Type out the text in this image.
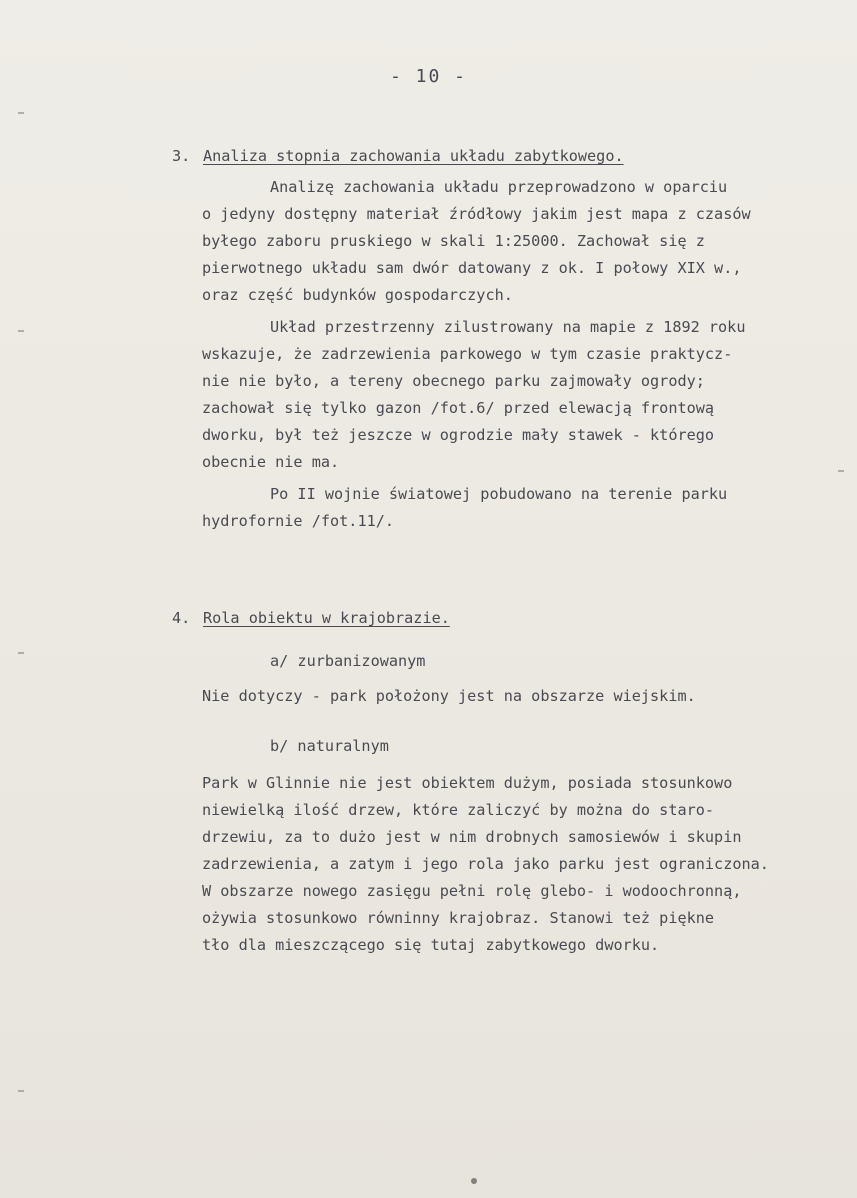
- 10 -
3. Analiza stopnia zachowania układu zabytkowego.
Analizę zachowania układu przeprowadzono w oparciu
o jedyny dostępny materiał źródłowy jakim jest mapa z czasów
byłego zaboru pruskiego w skali 1:25000. Zachował się z
pierwotnego układu sam dwór datowany z ok. I połowy XIX w.,
oraz część budynków gospodarczych.
Układ przestrzenny zilustrowany na mapie z 1892 roku
wskazuje, że zadrzewienia parkowego w tym czasie praktycz-
nie nie było, a tereny obecnego parku zajmowały ogrody;
zachował się tylko gazon /fot.6/ przed elewacją frontową
dworku, był też jeszcze w ogrodzie mały stawek - którego
obecnie nie ma.
Po II wojnie światowej pobudowano na terenie parku
hydrofornie /fot.11/.
4. Rola obiektu w krajobrazie.
a/ zurbanizowanym
Nie dotyczy - park położony jest na obszarze wiejskim.
b/ naturalnym
Park w Glinnie nie jest obiektem dużym, posiada stosunkowo
niewielką ilość drzew, które zaliczyć by można do staro-
drzewiu, za to dużo jest w nim drobnych samosiewów i skupin
zadrzewienia, a zatym i jego rola jako parku jest ograniczona.
W obszarze nowego zasięgu pełni rolę glebo- i wodoochronną,
ożywia stosunkowo równinny krajobraz. Stanowi też piękne
tło dla mieszczącego się tutaj zabytkowego dworku.
